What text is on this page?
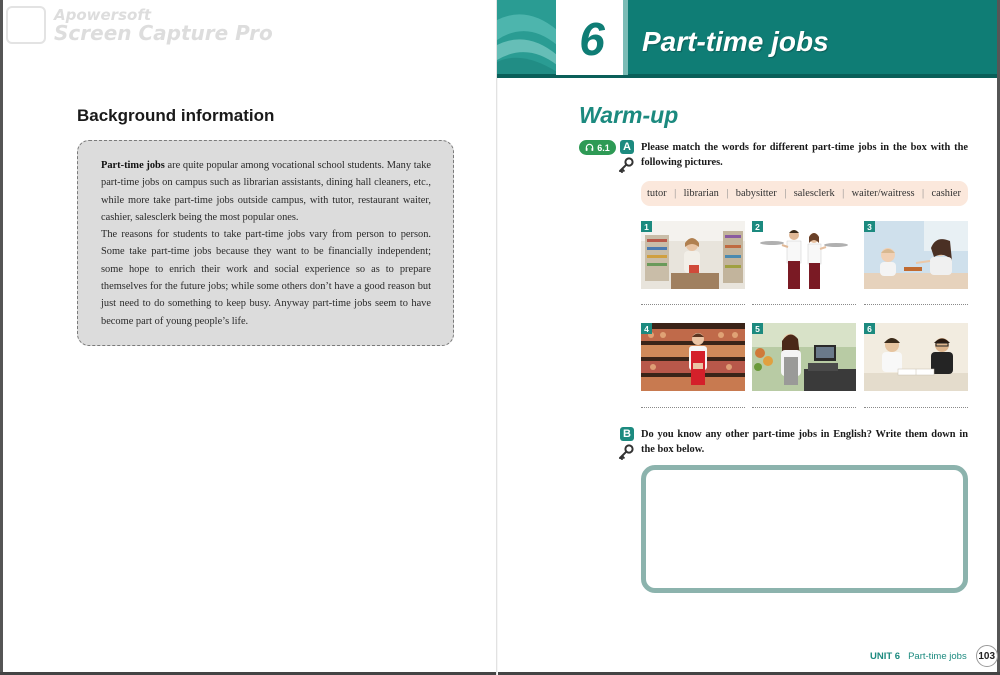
Apowersoft
Screen Capture Pro
Background information

Part-time jobs are quite popular among vocational school students. Many take part-time jobs on campus such as librarian assistants, dining hall cleaners, etc., while more take part-time jobs outside campus, with tutor, restaurant waiter, cashier, salesclerk being the most popular ones.

The reasons for students to take part-time jobs vary from person to person. Some take part-time jobs because they want to be financially independent; some hope to enrich their work and social experience so as to prepare themselves for the future jobs; while some others don’t have a good reason but just need to do something to keep busy. Anyway part-time jobs seem to have become part of young people’s life.

6	Part-time jobs
Warm-up
6.1 A Please match the words for different part-time jobs in the box with the following pictures.
tutor | librarian | babysitter | salesclerk | waiter/waitress | cashier
1	2	3
4	5	6
B Do you know any other part-time jobs in English? Write them down in the box below.
UNIT 6 Part-time jobs 103
